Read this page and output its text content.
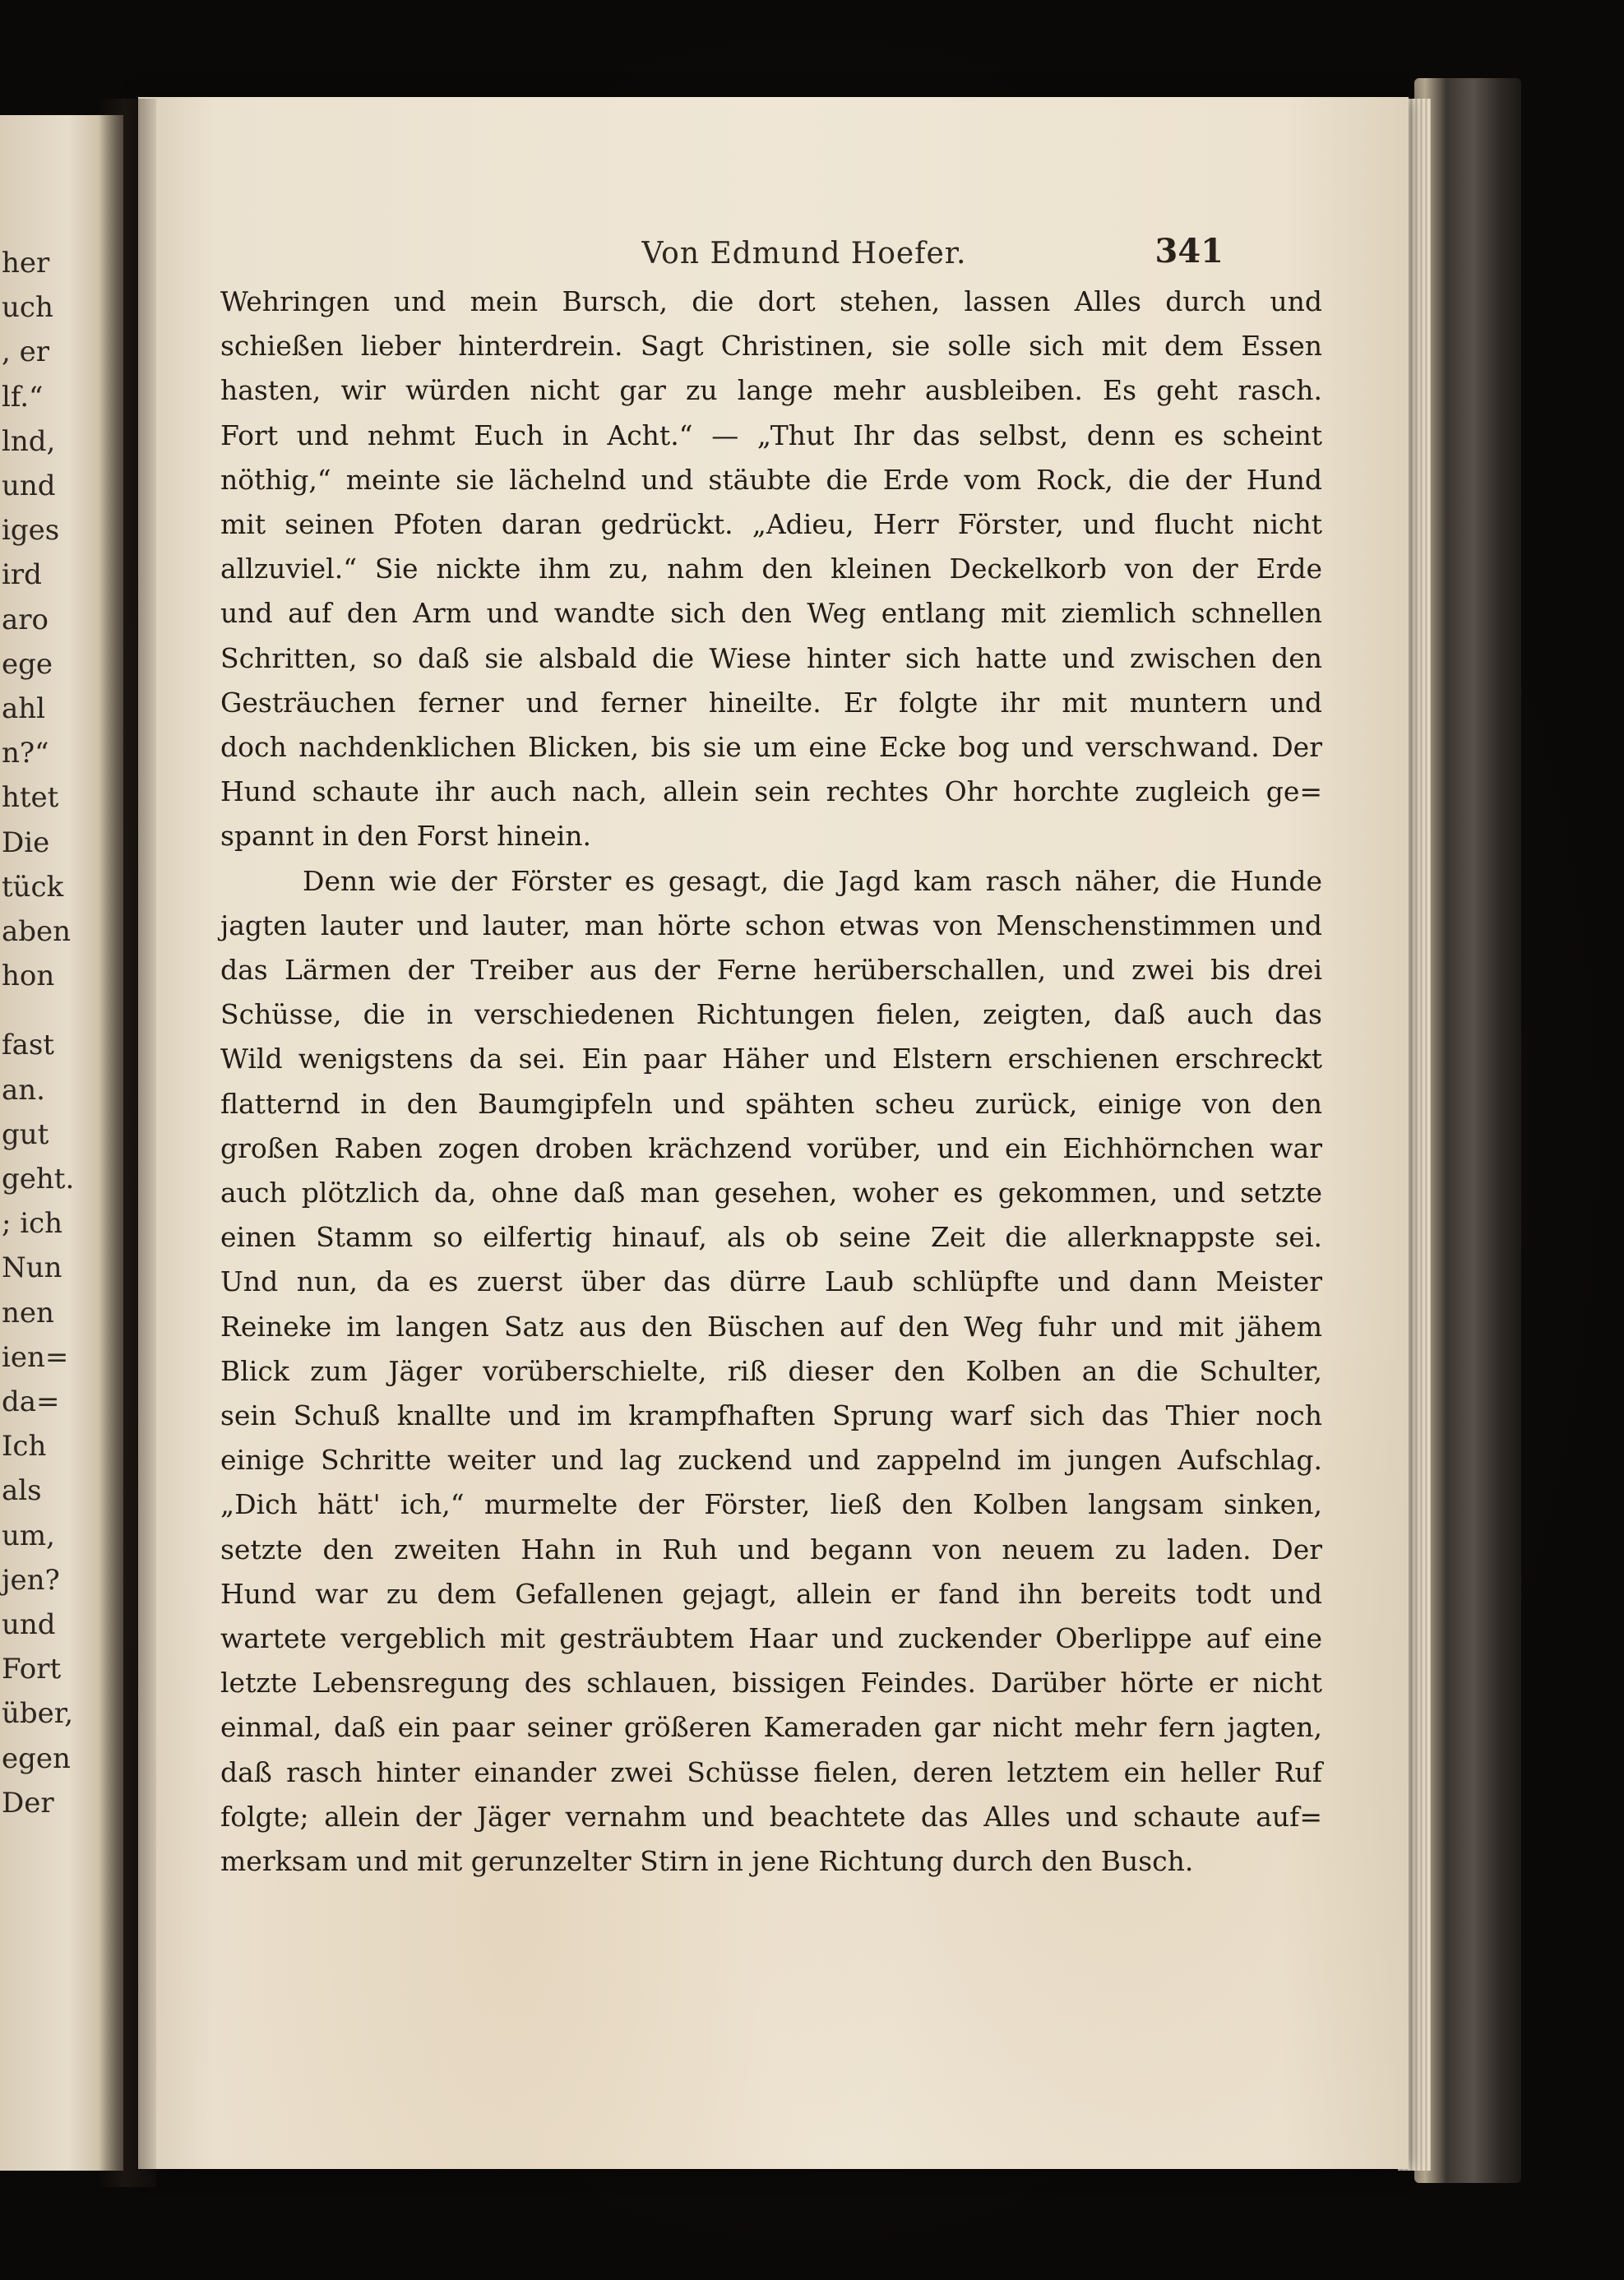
her
uch
, er
lf.“
lnd,
und
iges
ird
aro
ege
ahl
n?“
htet
Die
tück
aben
hon
fast
an.
gut
geht.
; ich
Nun
nen
ien=
da=
Ich
als
um,
jen?
und
Fort
über,
egen
Der
Von Edmund Hoefer.	341
Wehringen und mein Bursch, die dort stehen, lassen Alles durch und
schießen lieber hinterdrein. Sagt Christinen, sie solle sich mit dem Essen
hasten, wir würden nicht gar zu lange mehr ausbleiben. Es geht rasch.
Fort und nehmt Euch in Acht.“ — „Thut Ihr das selbst, denn es scheint
nöthig,“ meinte sie lächelnd und stäubte die Erde vom Rock, die der Hund
mit seinen Pfoten daran gedrückt. „Adieu, Herr Förster, und flucht nicht
allzuviel.“ Sie nickte ihm zu, nahm den kleinen Deckelkorb von der Erde
und auf den Arm und wandte sich den Weg entlang mit ziemlich schnellen
Schritten, so daß sie alsbald die Wiese hinter sich hatte und zwischen den
Gesträuchen ferner und ferner hineilte. Er folgte ihr mit muntern und
doch nachdenklichen Blicken, bis sie um eine Ecke bog und verschwand. Der
Hund schaute ihr auch nach, allein sein rechtes Ohr horchte zugleich ge=
spannt in den Forst hinein.
Denn wie der Förster es gesagt, die Jagd kam rasch näher, die Hunde
jagten lauter und lauter, man hörte schon etwas von Menschenstimmen und
das Lärmen der Treiber aus der Ferne herüberschallen, und zwei bis drei
Schüsse, die in verschiedenen Richtungen fielen, zeigten, daß auch das
Wild wenigstens da sei. Ein paar Häher und Elstern erschienen erschreckt
flatternd in den Baumgipfeln und spähten scheu zurück, einige von den
großen Raben zogen droben krächzend vorüber, und ein Eichhörnchen war
auch plötzlich da, ohne daß man gesehen, woher es gekommen, und setzte
einen Stamm so eilfertig hinauf, als ob seine Zeit die allerknappste sei.
Und nun, da es zuerst über das dürre Laub schlüpfte und dann Meister
Reineke im langen Satz aus den Büschen auf den Weg fuhr und mit jähem
Blick zum Jäger vorüberschielte, riß dieser den Kolben an die Schulter,
sein Schuß knallte und im krampfhaften Sprung warf sich das Thier noch
einige Schritte weiter und lag zuckend und zappelnd im jungen Aufschlag.
„Dich hätt' ich,“ murmelte der Förster, ließ den Kolben langsam sinken,
setzte den zweiten Hahn in Ruh und begann von neuem zu laden. Der
Hund war zu dem Gefallenen gejagt, allein er fand ihn bereits todt und
wartete vergeblich mit gesträubtem Haar und zuckender Oberlippe auf eine
letzte Lebensregung des schlauen, bissigen Feindes. Darüber hörte er nicht
einmal, daß ein paar seiner größeren Kameraden gar nicht mehr fern jagten,
daß rasch hinter einander zwei Schüsse fielen, deren letztem ein heller Ruf
folgte; allein der Jäger vernahm und beachtete das Alles und schaute auf=
merksam und mit gerunzelter Stirn in jene Richtung durch den Busch.
